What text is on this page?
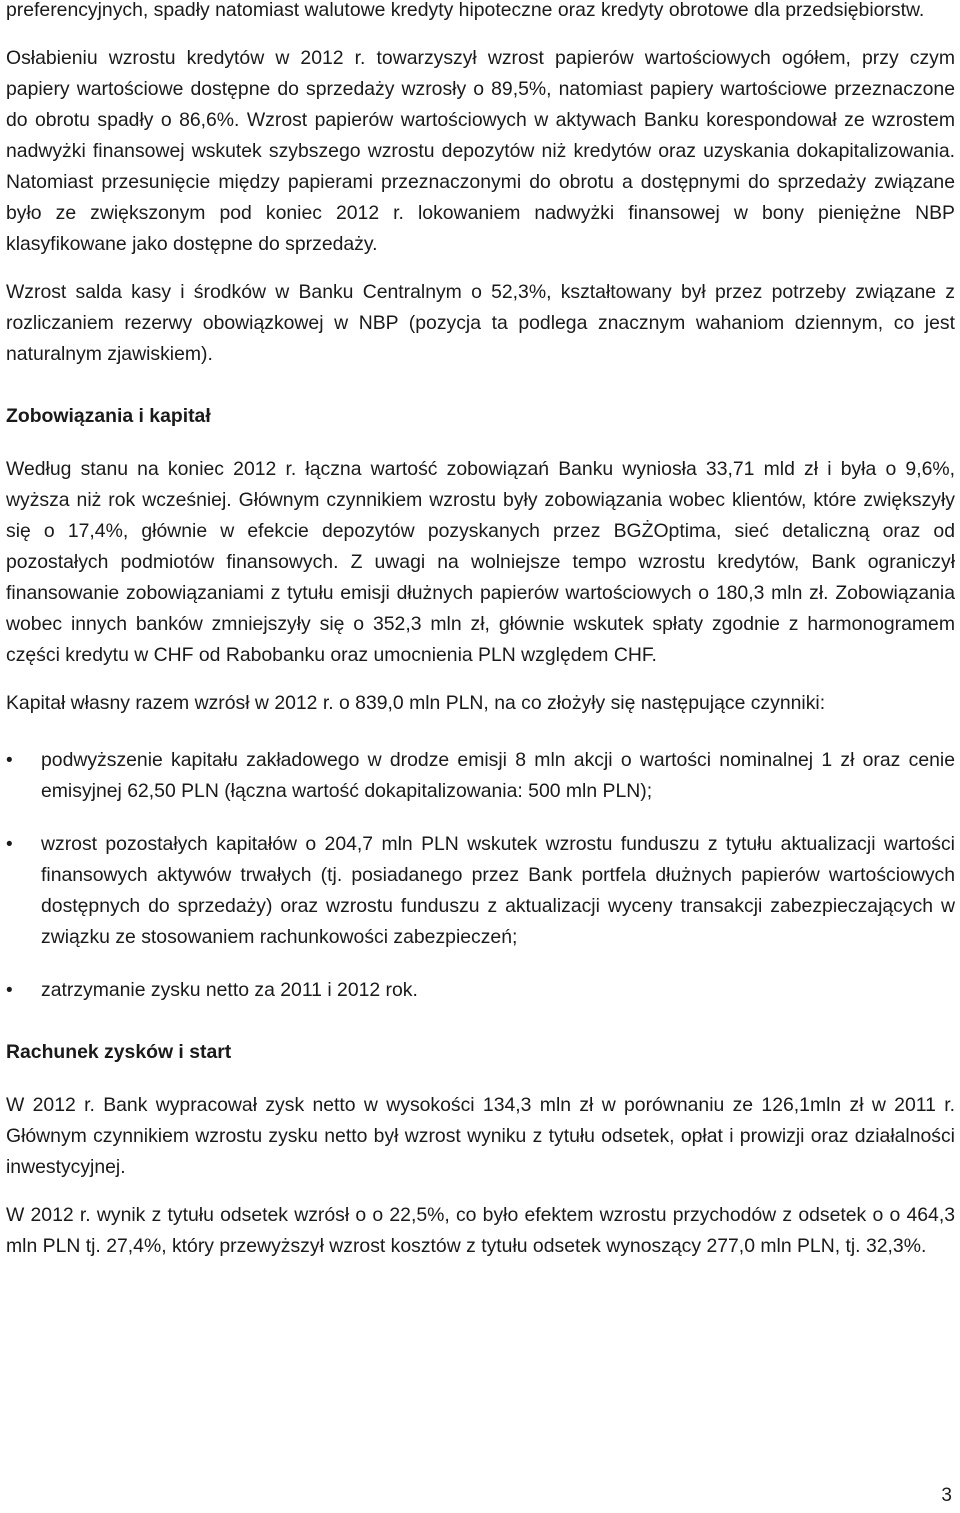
preferencyjnych, spadły natomiast walutowe kredyty hipoteczne oraz kredyty obrotowe dla przedsiębiorstw.

Osłabieniu wzrostu kredytów w 2012 r. towarzyszył wzrost papierów wartościowych ogółem, przy czym papiery wartościowe dostępne do sprzedaży wzrosły o 89,5%, natomiast papiery wartościowe przeznaczone do obrotu spadły o 86,6%. Wzrost papierów wartościowych w aktywach Banku korespondował ze wzrostem nadwyżki finansowej wskutek szybszego wzrostu depozytów niż kredytów oraz uzyskania dokapitalizowania. Natomiast przesunięcie między papierami przeznaczonymi do obrotu a dostępnymi do sprzedaży związane było ze zwiększonym pod koniec 2012 r. lokowaniem nadwyżki finansowej w bony pieniężne NBP klasyfikowane jako dostępne do sprzedaży.

Wzrost salda kasy i środków w Banku Centralnym o 52,3%, kształtowany był przez potrzeby związane z rozliczaniem rezerwy obowiązkowej w NBP (pozycja ta podlega znacznym wahaniom dziennym, co jest naturalnym zjawiskiem).

Zobowiązania i kapitał

Według stanu na koniec 2012 r. łączna wartość zobowiązań Banku wyniosła 33,71 mld zł i była o 9,6%, wyższa niż rok wcześniej. Głównym czynnikiem wzrostu były zobowiązania wobec klientów, które zwiększyły się o 17,4%, głównie w efekcie depozytów pozyskanych przez BGŻOptima, sieć detaliczną oraz od pozostałych podmiotów finansowych. Z uwagi na wolniejsze tempo wzrostu kredytów, Bank ograniczył finansowanie zobowiązaniami z tytułu emisji dłużnych papierów wartościowych o 180,3 mln zł. Zobowiązania wobec innych banków zmniejszyły się o 352,3 mln zł, głównie wskutek spłaty zgodnie z harmonogramem części kredytu w CHF od Rabobanku oraz umocnienia PLN względem CHF.

Kapitał własny razem wzrósł w 2012 r. o 839,0 mln PLN, na co złożyły się następujące czynniki:

•	podwyższenie kapitału zakładowego w drodze emisji 8 mln akcji o wartości nominalnej 1 zł oraz cenie emisyjnej 62,50 PLN (łączna wartość dokapitalizowania: 500 mln PLN);
•	wzrost pozostałych kapitałów o 204,7 mln PLN wskutek wzrostu funduszu z tytułu aktualizacji wartości finansowych aktywów trwałych (tj. posiadanego przez Bank portfela dłużnych papierów wartościowych dostępnych do sprzedaży) oraz wzrostu funduszu z aktualizacji wyceny transakcji zabezpieczających w związku ze stosowaniem rachunkowości zabezpieczeń;
•	zatrzymanie zysku netto za 2011 i 2012 rok.
Rachunek zysków i start

W 2012 r. Bank wypracował zysk netto w wysokości 134,3 mln zł w porównaniu ze 126,1mln zł w 2011 r. Głównym czynnikiem wzrostu zysku netto był wzrost wyniku z tytułu odsetek, opłat i prowizji oraz działalności inwestycyjnej.

W 2012 r. wynik z tytułu odsetek wzrósł o o 22,5%, co było efektem wzrostu przychodów z odsetek o o 464,3 mln PLN tj. 27,4%, który przewyższył wzrost kosztów z tytułu odsetek wynoszący 277,0 mln PLN, tj. 32,3%.

3
